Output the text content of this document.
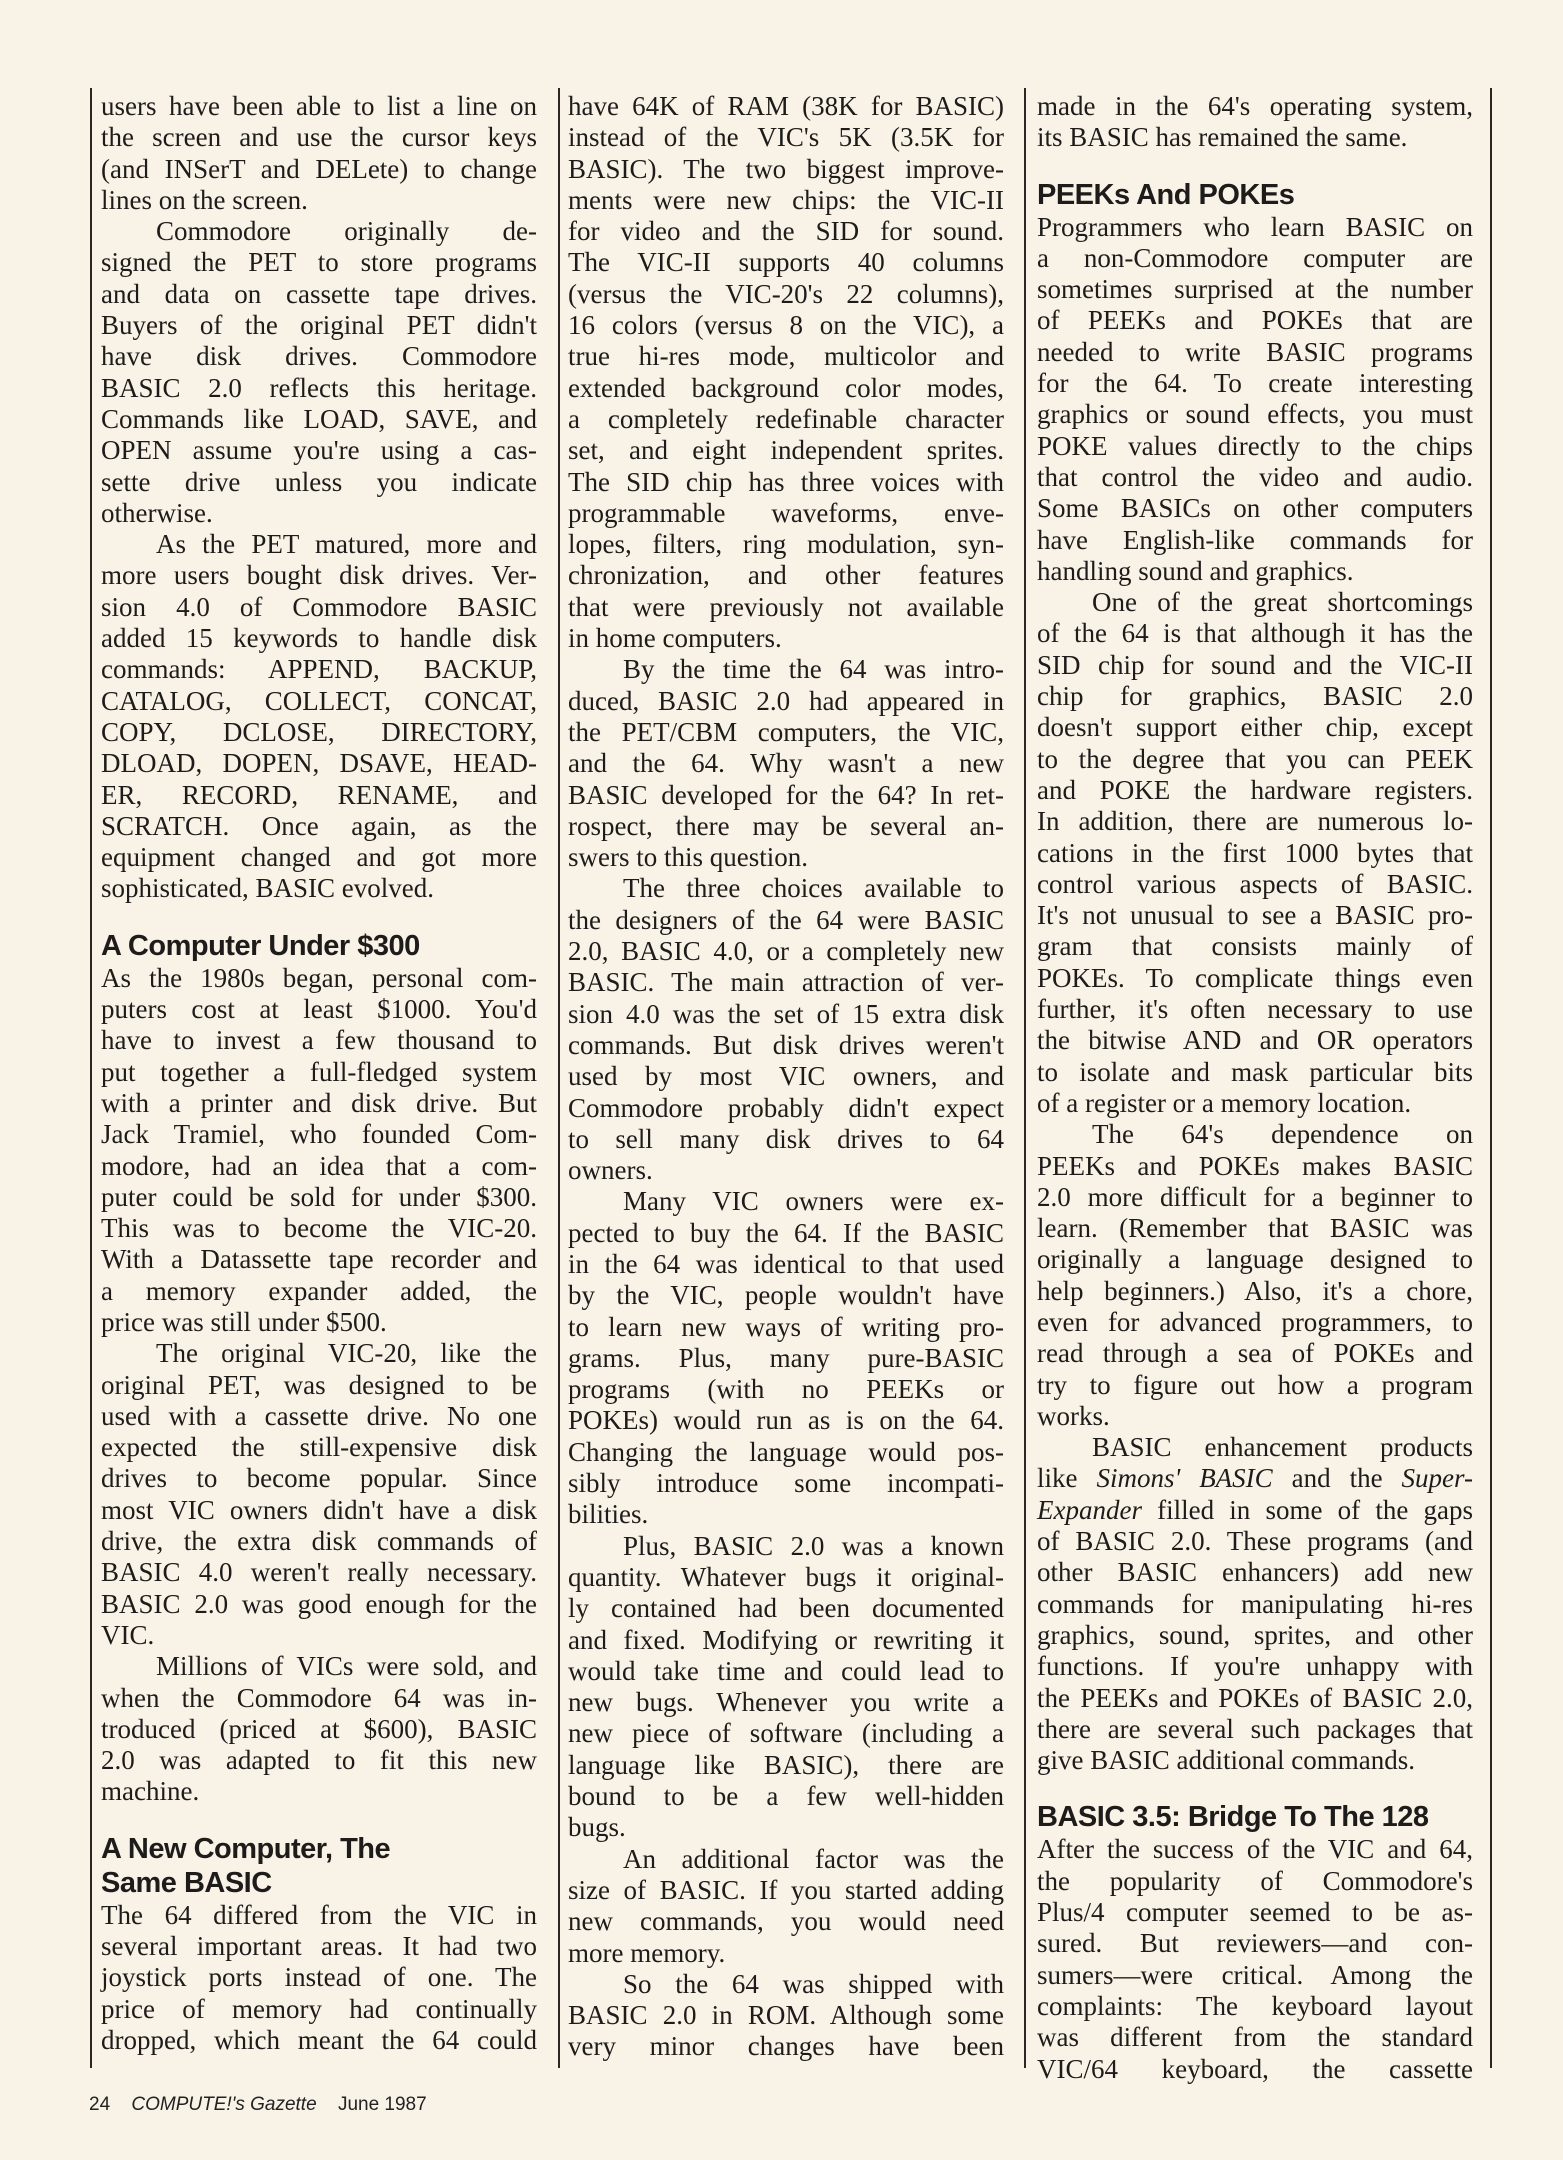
users have been able to list a line on
the screen and use the cursor keys
(and INSerT and DELete) to change
lines on the screen.
Commodore originally de-
signed the PET to store programs
and data on cassette tape drives.
Buyers of the original PET didn't
have disk drives. Commodore
BASIC 2.0 reflects this heritage.
Commands like LOAD, SAVE, and
OPEN assume you're using a cas-
sette drive unless you indicate
otherwise.
As the PET matured, more and
more users bought disk drives. Ver-
sion 4.0 of Commodore BASIC
added 15 keywords to handle disk
commands: APPEND, BACKUP,
CATALOG, COLLECT, CONCAT,
COPY, DCLOSE, DIRECTORY,
DLOAD, DOPEN, DSAVE, HEAD-
ER, RECORD, RENAME, and
SCRATCH. Once again, as the
equipment changed and got more
sophisticated, BASIC evolved.
A Computer Under $300
As the 1980s began, personal com-
puters cost at least $1000. You'd
have to invest a few thousand to
put together a full-fledged system
with a printer and disk drive. But
Jack Tramiel, who founded Com-
modore, had an idea that a com-
puter could be sold for under $300.
This was to become the VIC-20.
With a Datassette tape recorder and
a memory expander added, the
price was still under $500.
The original VIC-20, like the
original PET, was designed to be
used with a cassette drive. No one
expected the still-expensive disk
drives to become popular. Since
most VIC owners didn't have a disk
drive, the extra disk commands of
BASIC 4.0 weren't really necessary.
BASIC 2.0 was good enough for the
VIC.
Millions of VICs were sold, and
when the Commodore 64 was in-
troduced (priced at $600), BASIC
2.0 was adapted to fit this new
machine.
A New Computer, The
Same BASIC
The 64 differed from the VIC in
several important areas. It had two
joystick ports instead of one. The
price of memory had continually
dropped, which meant the 64 could
have 64K of RAM (38K for BASIC)
instead of the VIC's 5K (3.5K for
BASIC). The two biggest improve-
ments were new chips: the VIC-II
for video and the SID for sound.
The VIC-II supports 40 columns
(versus the VIC-20's 22 columns),
16 colors (versus 8 on the VIC), a
true hi-res mode, multicolor and
extended background color modes,
a completely redefinable character
set, and eight independent sprites.
The SID chip has three voices with
programmable waveforms, enve-
lopes, filters, ring modulation, syn-
chronization, and other features
that were previously not available
in home computers.
By the time the 64 was intro-
duced, BASIC 2.0 had appeared in
the PET/CBM computers, the VIC,
and the 64. Why wasn't a new
BASIC developed for the 64? In ret-
rospect, there may be several an-
swers to this question.
The three choices available to
the designers of the 64 were BASIC
2.0, BASIC 4.0, or a completely new
BASIC. The main attraction of ver-
sion 4.0 was the set of 15 extra disk
commands. But disk drives weren't
used by most VIC owners, and
Commodore probably didn't expect
to sell many disk drives to 64
owners.
Many VIC owners were ex-
pected to buy the 64. If the BASIC
in the 64 was identical to that used
by the VIC, people wouldn't have
to learn new ways of writing pro-
grams. Plus, many pure-BASIC
programs (with no PEEKs or
POKEs) would run as is on the 64.
Changing the language would pos-
sibly introduce some incompati-
bilities.
Plus, BASIC 2.0 was a known
quantity. Whatever bugs it original-
ly contained had been documented
and fixed. Modifying or rewriting it
would take time and could lead to
new bugs. Whenever you write a
new piece of software (including a
language like BASIC), there are
bound to be a few well-hidden
bugs.
An additional factor was the
size of BASIC. If you started adding
new commands, you would need
more memory.
So the 64 was shipped with
BASIC 2.0 in ROM. Although some
very minor changes have been
made in the 64's operating system,
its BASIC has remained the same.
PEEKs And POKEs
Programmers who learn BASIC on
a non-Commodore computer are
sometimes surprised at the number
of PEEKs and POKEs that are
needed to write BASIC programs
for the 64. To create interesting
graphics or sound effects, you must
POKE values directly to the chips
that control the video and audio.
Some BASICs on other computers
have English-like commands for
handling sound and graphics.
One of the great shortcomings
of the 64 is that although it has the
SID chip for sound and the VIC-II
chip for graphics, BASIC 2.0
doesn't support either chip, except
to the degree that you can PEEK
and POKE the hardware registers.
In addition, there are numerous lo-
cations in the first 1000 bytes that
control various aspects of BASIC.
It's not unusual to see a BASIC pro-
gram that consists mainly of
POKEs. To complicate things even
further, it's often necessary to use
the bitwise AND and OR operators
to isolate and mask particular bits
of a register or a memory location.
The 64's dependence on
PEEKs and POKEs makes BASIC
2.0 more difficult for a beginner to
learn. (Remember that BASIC was
originally a language designed to
help beginners.) Also, it's a chore,
even for advanced programmers, to
read through a sea of POKEs and
try to figure out how a program
works.
BASIC enhancement products
like Simons' BASIC and the Super-
Expander filled in some of the gaps
of BASIC 2.0. These programs (and
other BASIC enhancers) add new
commands for manipulating hi-res
graphics, sound, sprites, and other
functions. If you're unhappy with
the PEEKs and POKEs of BASIC 2.0,
there are several such packages that
give BASIC additional commands.
BASIC 3.5: Bridge To The 128
After the success of the VIC and 64,
the popularity of Commodore's
Plus/4 computer seemed to be as-
sured. But reviewers—and con-
sumers—were critical. Among the
complaints: The keyboard layout
was different from the standard
VIC/64 keyboard, the cassette
24 COMPUTE!'s Gazette June 1987
